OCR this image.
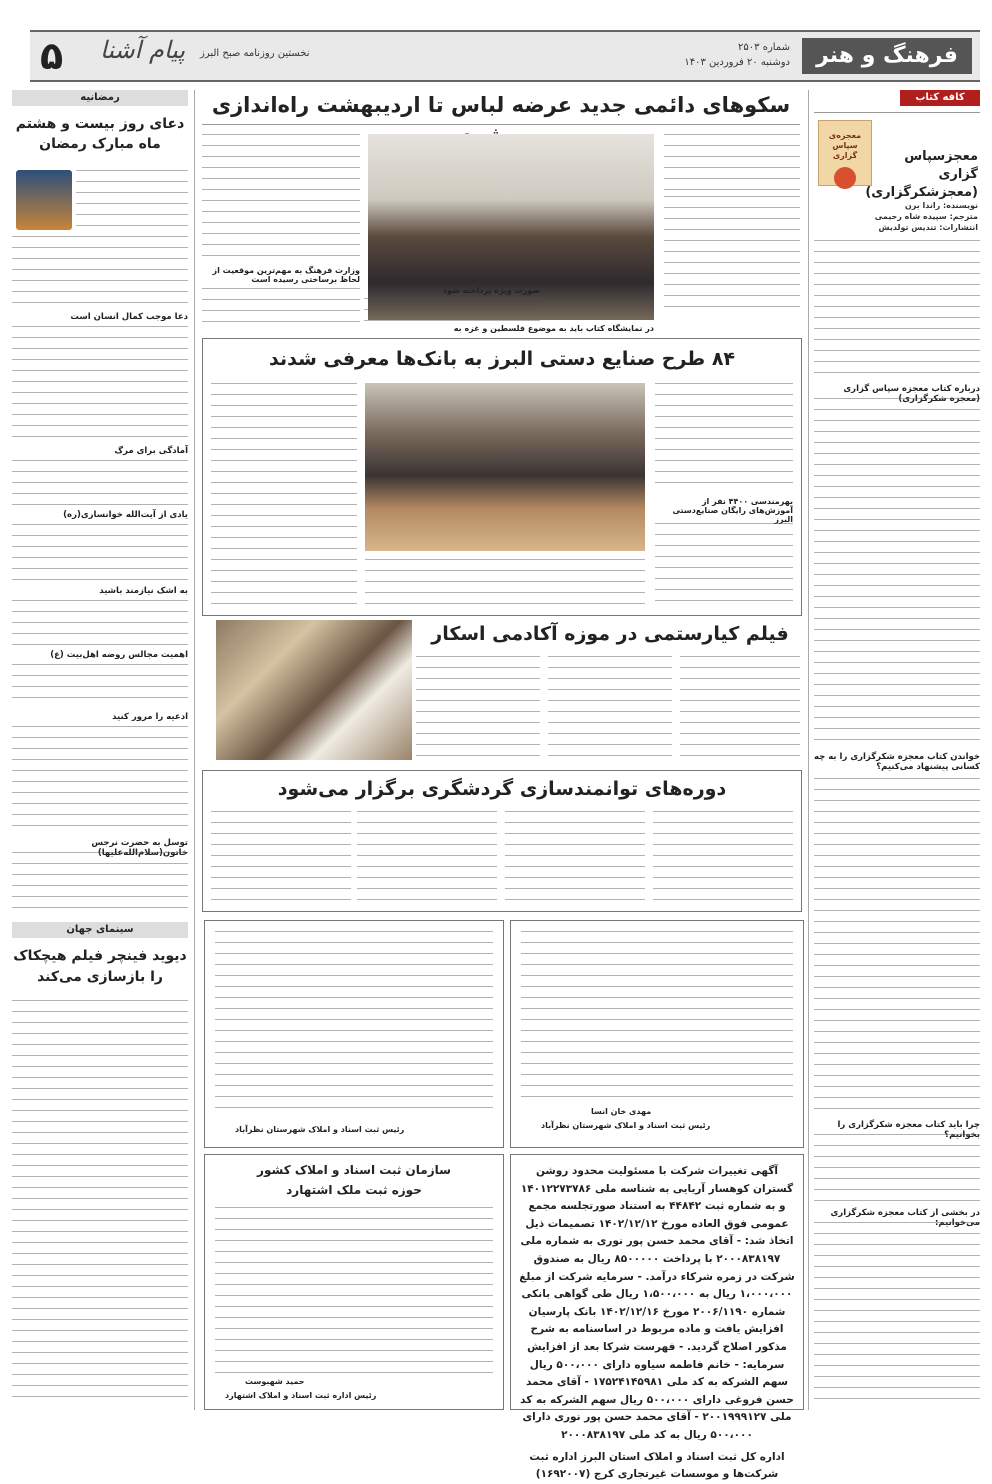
فرهنگ و هنر
شماره ۲۵۰۳
دوشنبه ۲۰ فروردین ۱۴۰۳
۵ پیام آشنا نخستین روزنامه صبح البرز
کافه کتاب
معجزه‌ی
سپاس گزاری	معجزسپاس گزاری (معجزشکرگزاری)
نویسنده: راندا برن
مترجم: سپیده شاه رحیمی
انتشارات: تندیس تولدیش
درباره کتاب معجزه سپاس گزاری (معجزه شکرگزاری)
خواندن کتاب معجزه شکرگزاری را به چه کسانی پیشنهاد می‌کنیم؟
چرا باید کتاب معجزه شکرگزاری را بخوانیم؟
در بخشی از کتاب معجزه شکرگزاری می‌خوانیم:
رمضانیه
دعای روز بیست و هشتم ماه مبارک رمضان
دعا موجب کمال انسان است
آمادگی برای مرگ
یادی از آیت‌الله خوانساری(ره)
به اشک نیازمند باشید
اهمیت مجالس روضه اهل‌بیت (ع)
ادعیه را مرور کنید
توسل به حضرت نرجس خاتون(سلام‌الله‌علیها)
سینمای جهان
دیوید فینچر فیلم هیچکاک را بازسازی می‌کند
سکوهای دائمی جدید عرضه لباس تا اردیبهشت راه‌اندازی
در نمایشگاه کتاب باید به موضوع فلسطین و غزه به
وزارت فرهنگ به مهم‌ترین موقعیت از لحاظ برساختی رسیده است
صورت ویژه پرداخته شود
۸۴ طرح صنایع دستی البرز به بانک‌ها معرفی شدند
بهرمندسی ۴۴۰۰ نفر از آموزش‌های رایگان صنایع‌دستی البرز
فیلم کیارستمی در موزه آکادمی اسکار
دوره‌های توانمندسازی گردشگری برگزار می‌شود
مهدی خان انسا
رئیس ثبت اسناد و املاک شهرستان نظرآباد
رئیس ثبت اسناد و املاک شهرستان نظرآباد
آگهی تغییرات شرکت با مسئولیت محدود روشن گستران کوهسار آریایی به شناسه ملی ۱۴۰۱۲۲۷۳۷۸۶ و به شماره ثبت ۴۴۸۴۲ به استناد صورتجلسه مجمع عمومی فوق العاده مورخ ۱۴۰۲/۱۲/۱۲ تصمیمات ذیل اتخاذ شد: - آقای محمد حسن پور نوری به شماره ملی ۲۰۰۰۸۳۸۱۹۷ با پرداخت ۸۵۰۰۰۰۰ ریال به صندوق شرکت در زمره شرکاء درآمد. - سرمایه شرکت از مبلغ ۱،۰۰۰،۰۰۰ ریال به ۱،۵۰۰،۰۰۰ ریال طی گواهی بانکی شماره ۲۰۰۶/۱۱۹۰ مورخ ۱۴۰۲/۱۲/۱۶ بانک پارسیان افزایش یافت و ماده مربوط در اساسنامه به شرح مذکور اصلاح گردید. - فهرست شرکا بعد از افزایش سرمایه: - خانم فاطمه سیاوه دارای ۵۰۰،۰۰۰ ریال سهم الشرکه به کد ملی ۱۷۵۲۴۱۴۵۹۸۱ - آقای محمد حسن فروغی دارای ۵۰۰،۰۰۰ ریال سهم الشرکه به کد ملی ۲۰۰۱۹۹۹۱۲۷ - آقای محمد حسن پور نوری دارای ۵۰۰،۰۰۰ ریال به کد ملی ۲۰۰۰۸۳۸۱۹۷
اداره کل ثبت اسناد و املاک استان البرز اداره ثبت شرکت‌ها و موسسات غیرتجاری کرج (۱۶۹۲۰۰۷)
سازمان ثبت اسناد و املاک کشور
حوزه ثبت ملک اشتهارد
حمید شهبوست
رئیس اداره ثبت اسناد و املاک اشتهارد
